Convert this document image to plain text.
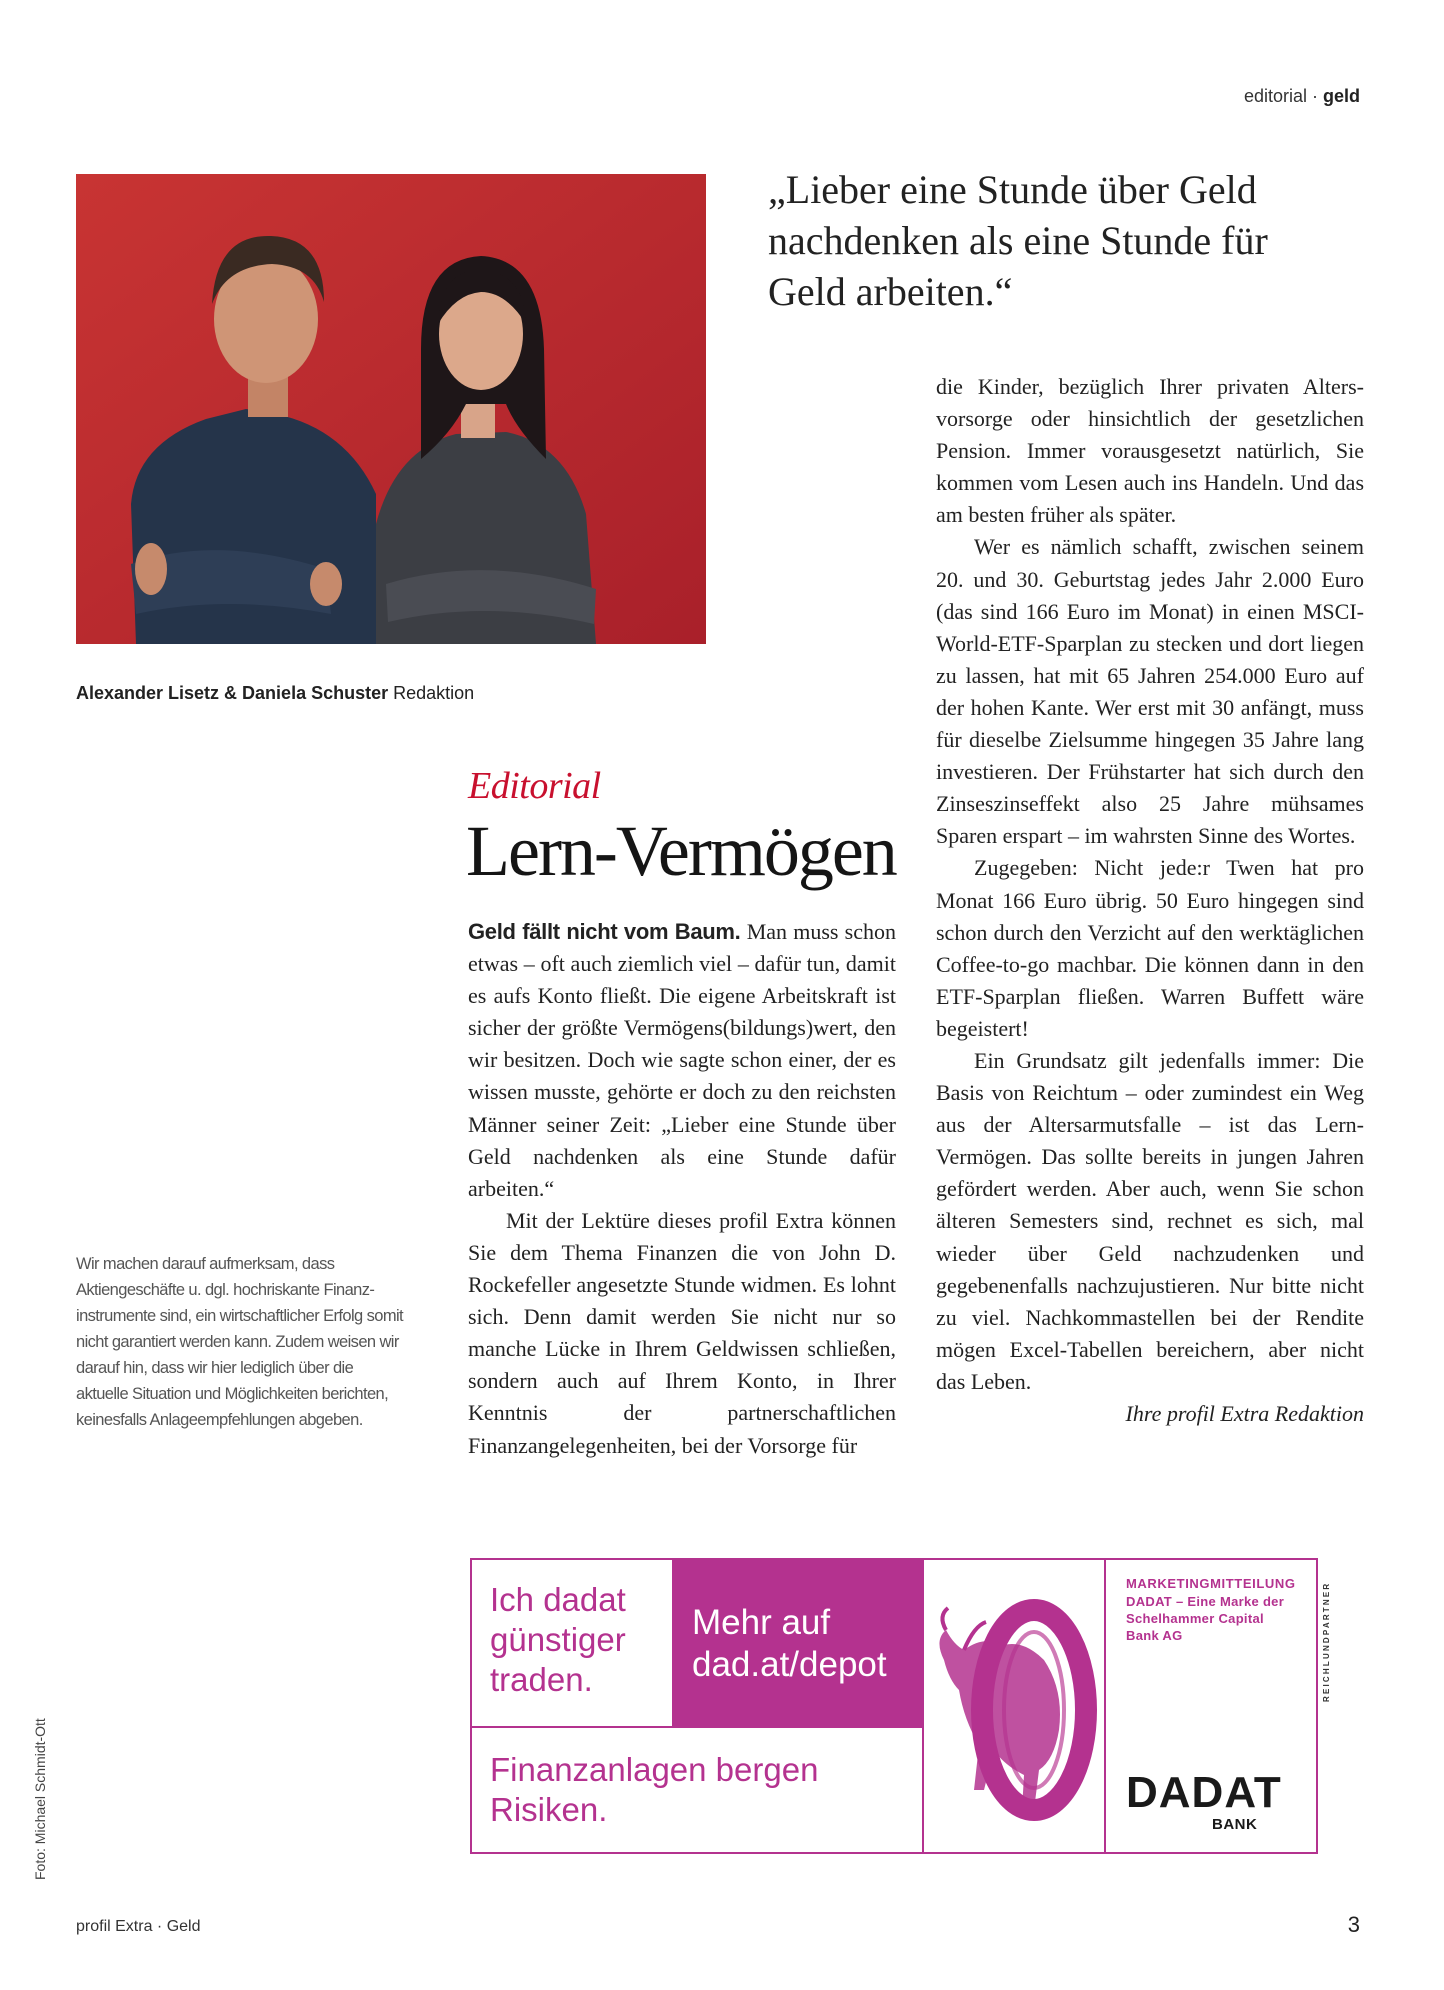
editorial · geld
Alexander Lisetz & Daniela Schuster Redaktion
„Lieber eine Stunde über Geld nachdenken als eine Stunde für Geld arbeiten.“
Editorial
Lern-Vermögen

Geld fällt nicht vom Baum. Man muss schon etwas – oft auch ziemlich viel – dafür tun, damit es aufs Konto fließt. Die eigene Arbeitskraft ist sicher der größte Vermögens(bildungs)wert, den wir besitzen. Doch wie sagte schon einer, der es wissen musste, gehörte er doch zu den reichsten Männer seiner Zeit: „Lieber eine Stunde über Geld nachdenken als eine Stunde dafür arbeiten.“

Mit der Lektüre dieses profil Extra können Sie dem Thema Finanzen die von John D. Rockefeller angesetzte Stunde widmen. Es lohnt sich. Denn damit werden Sie nicht nur so manche Lücke in Ihrem Geldwissen schließen, sondern auch auf Ihrem Konto, in Ihrer Kenntnis der partnerschaftlichen Finanzangelegenheiten, bei der Vorsorge für

die Kinder, bezüglich Ihrer privaten Altersvorsorge oder hinsichtlich der gesetzlichen Pension. Immer vorausgesetzt natürlich, Sie kommen vom Lesen auch ins Handeln. Und das am besten früher als später.

Wer es nämlich schafft, zwischen seinem 20. und 30. Geburtstag jedes Jahr 2.000 Euro (das sind 166 Euro im Monat) in einen MSCI-World-ETF-Sparplan zu stecken und dort liegen zu lassen, hat mit 65 Jahren 254.000 Euro auf der hohen Kante. Wer erst mit 30 anfängt, muss für dieselbe Zielsumme hingegen 35 Jahre lang investieren. Der Frühstarter hat sich durch den Zinseszinseffekt also 25 Jahre mühsames Sparen erspart – im wahrsten Sinne des Wortes.

Zugegeben: Nicht jede:r Twen hat pro Monat 166 Euro übrig. 50 Euro hingegen sind schon durch den Verzicht auf den werktäglichen Coffee-to-go machbar. Die können dann in den ETF-Sparplan fließen. Warren Buffett wäre begeistert!

Ein Grundsatz gilt jedenfalls immer: Die Basis von Reichtum – oder zumindest ein Weg aus der Altersarmutsfalle – ist das Lern-Vermögen. Das sollte bereits in jungen Jahren gefördert werden. Aber auch, wenn Sie schon älteren Semesters sind, rechnet es sich, mal wieder über Geld nachzudenken und gegebenenfalls nachzujustieren. Nur bitte nicht zu viel. Nachkommastellen bei der Rendite mögen Excel-Tabellen bereichern, aber nicht das Leben.

Ihre profil Extra Redaktion
Wir machen darauf aufmerksam, dass Aktiengeschäfte u. dgl. hochriskante Finanzinstrumente sind, ein wirtschaftlicher Erfolg somit nicht garantiert werden kann. Zudem weisen wir darauf hin, dass wir hier lediglich über die aktuelle Situation und Möglichkeiten berichten, keinesfalls Anlageempfehlungen abgeben.
Foto: Michael Schmidt-Ott
Ich dadat günstiger traden.
Mehr auf dad.at/depot
Finanzanlagen bergen Risiken.
MARKETINGMITTEILUNG
DADAT – Eine Marke der Schelhammer Capital Bank AG
DADAT
BANK
REICHLUNDPARTNER
profil Extra · Geld	3
